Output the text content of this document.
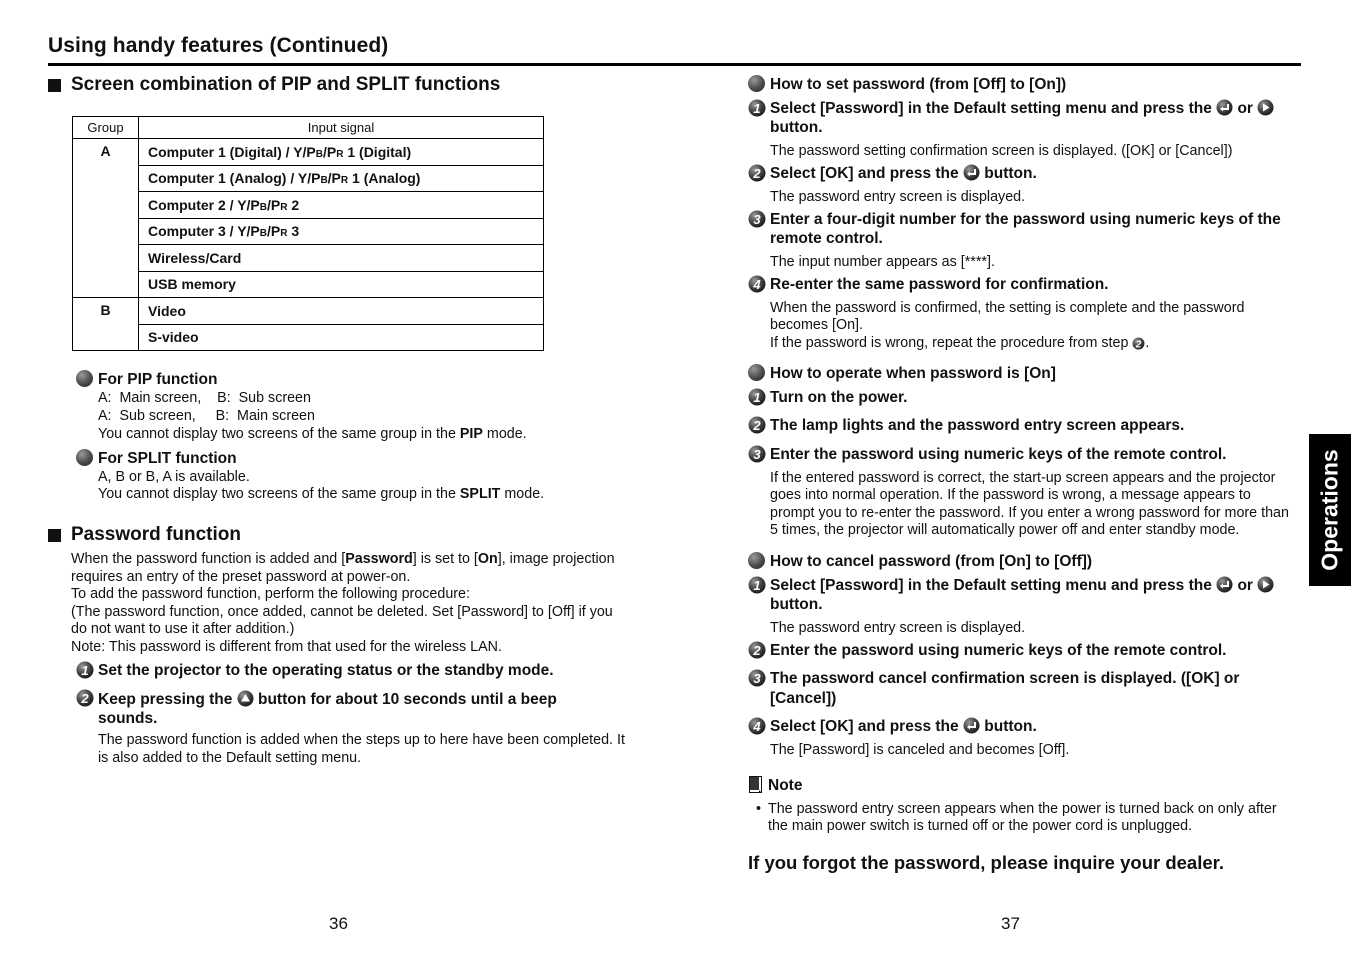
Using handy features (Continued)
Screen combination of PIP and SPLIT functions
Group	Input signal
A	Computer 1 (Digital) / Y/PB/PR 1 (Digital)
	Computer 1 (Analog) / Y/PB/PR 1 (Analog)
	Computer 2 / Y/PB/PR 2
	Computer 3 / Y/PB/PR 3
	Wireless/Card
	USB memory
B	Video
	S-video
For PIP function
A:  Main screen,    B:  Sub screen
A:  Sub screen,     B:  Main screen
You cannot display two screens of the same group in the PIP mode.
For SPLIT function
A, B or B, A is available.
You cannot display two screens of the same group in the SPLIT mode.
Password function
When the password function is added and [Password] is set to [On], image projection
requires an entry of the preset password at power-on.
To add the password function, perform the following procedure:
(The password function, once added, cannot be deleted. Set [Password] to [Off] if you
do not want to use it after addition.)
Note: This password is different from that used for the wireless LAN.
1 Set the projector to the operating status or the standby mode.
2 Keep pressing the  button for about 10 seconds until a beep
sounds.
The password function is added when the steps up to here have been completed. It
is also added to the Default setting menu.
36
How to set password (from [Off] to [On])
1 Select [Password] in the Default setting menu and press the  or
button.
The password setting confirmation screen is displayed. ([OK] or [Cancel])
2 Select [OK] and press the  button.
The password entry screen is displayed.
3 Enter a four-digit number for the password using numeric keys of the
remote control.
The input number appears as [****].
4 Re-enter the same password for confirmation.
When the password is confirmed, the setting is complete and the password
becomes [On].
If the password is wrong, repeat the procedure from step 2 .
How to operate when password is [On]
1 Turn on the power.
2 The lamp lights and the password entry screen appears.
3 Enter the password using numeric keys of the remote control.
If the entered password is correct, the start-up screen appears and the projector
goes into normal operation. If the password is wrong, a message appears to
prompt you to re-enter the password. If you enter a wrong password for more than
5 times, the projector will automatically power off and enter standby mode.
How to cancel password (from [On] to [Off])
1 Select [Password] in the Default setting menu and press the  or
button.
The password entry screen is displayed.
2 Enter the password using numeric keys of the remote control.
3 The password cancel confirmation screen is displayed. ([OK] or
[Cancel])
4 Select [OK] and press the  button.
The [Password] is canceled and becomes [Off].
Note
• The password entry screen appears when the power is turned back on only after
the main power switch is turned off or the power cord is unplugged.
If you forgot the password, please inquire your dealer.
37
Operations
